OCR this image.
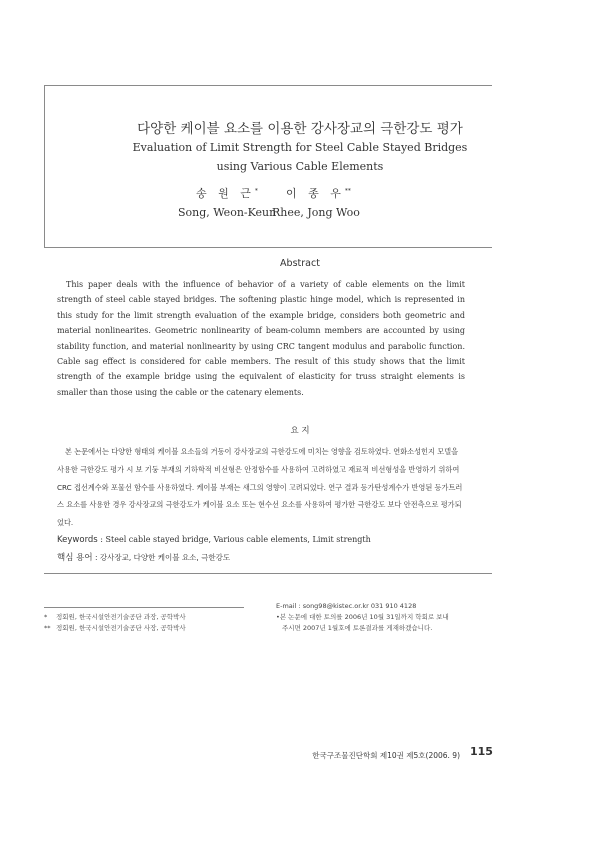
다양한 케이블 요소를 이용한 강사장교의 극한강도 평가
Evaluation of Limit Strength for Steel Cable Stayed Bridges
using Various Cable Elements
송 원 근*	이 종 우**
Song, Weon-Keun
Rhee, Jong Woo
Abstract

This paper deals with the influence of behavior of a variety of cable elements on the limit strength of steel cable stayed bridges. The softening plastic hinge model, which is represented in this study for the limit strength evaluation of the example bridge, considers both geometric and material nonlinearites. Geometric nonlinearity of beam-column members are accounted by using stability function, and material nonlinearity by using CRC tangent modulus and parabolic function. Cable sag effect is considered for cable members. The result of this study shows that the limit strength of the example bridge using the equivalent of elasticity for truss straight elements is smaller than those using the cable or the catenary elements.

요 지

본 논문에서는 다양한 형태의 케이블 요소들의 거동이 강사장교의 극한강도에 미치는 영향을 검토하였다. 연화소성힌지 모델을 사용한 극한강도 평가 시 보 기둥 부재의 기하학적 비선형은 안정함수를 사용하여 고려하였고 재료적 비선형성을 반영하기 위하여 CRC 접선계수와 포물선 함수를 사용하였다. 케이블 부재는 새그의 영향이 고려되었다. 연구 결과 등가탄성계수가 반영된 등가트러스 요소를 사용한 경우 강사장교의 극한강도가 케이블 요소 또는 현수선 요소를 사용하여 평가한 극한강도 보다 안전측으로 평가되었다.

Keywords : Steel cable stayed bridge, Various cable elements, Limit strength
핵심 용어 : 강사장교, 다양한 케이블 요소, 극한강도
* 정회원, 한국시설안전기술공단 과장, 공학박사
** 정회원, 한국시설안전기술공단 사장, 공학박사
E-mail : song98@kistec.or.kr 031 910 4128
•본 논문에 대한 토의를 2006년 10월 31일까지 학회로 보내
주시면 2007년 1월호에 토론결과를 게재하겠습니다.
한국구조물진단학회 제10권 제5호(2006. 9) 115
